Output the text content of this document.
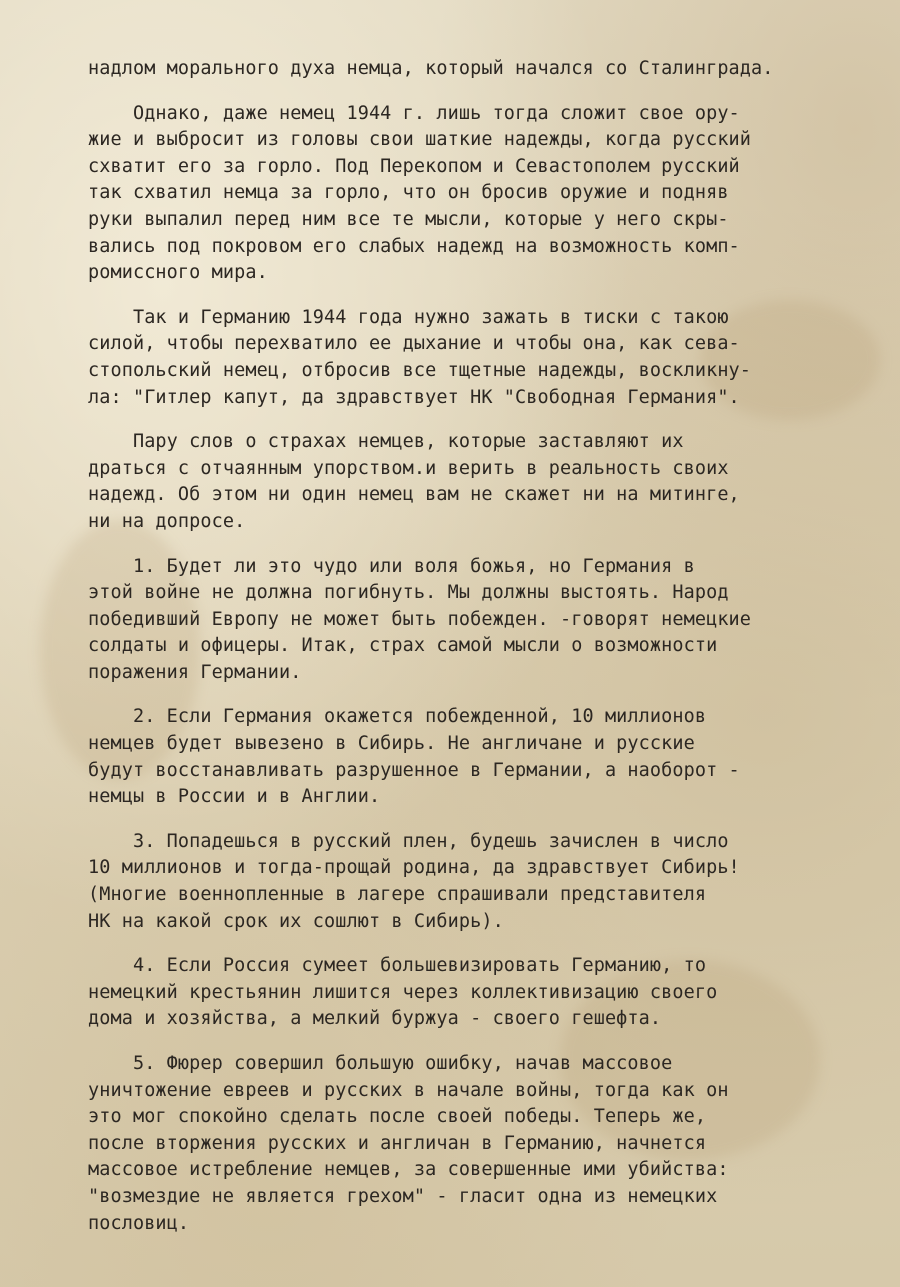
надлом морального духа немца, который начался со Сталинграда.
Однако, даже немец 1944 г. лишь тогда сложит свое ору-
жие и выбросит из головы свои шаткие надежды, когда русский
схватит его за горло. Под Перекопом и Севастополем русский
так схватил немца за горло, что он бросив оружие и подняв
руки выпалил перед ним все те мысли, которые у него скры-
вались под покровом его слабых надежд на возможность комп-
ромиссного мира.
Так и Германию 1944 года нужно зажать в тиски с такою
силой, чтобы перехватило ее дыхание и чтобы она, как сева-
стопольский немец, отбросив все тщетные надежды, воскликну-
ла: "Гитлер капут, да здравствует НК "Свободная Германия".
Пару слов о страхах немцев, которые заставляют их
драться с отчаянным упорством.и верить в реальность своих
надежд. Об этом ни один немец вам не скажет ни на митинге,
ни на допросе.
1. Будет ли это чудо или воля божья, но Германия в
этой войне не должна погибнуть. Мы должны выстоять. Народ
победивший Европу не может быть побежден. -говорят немецкие
солдаты и офицеры. Итак, страх самой мысли о возможности
поражения Германии.
2. Если Германия окажется побежденной, 10 миллионов
немцев будет вывезено в Сибирь. Не англичане и русские
будут восстанавливать разрушенное в Германии, а наоборот -
немцы в России и в Англии.
3. Попадешься в русский плен, будешь зачислен в число
10 миллионов и тогда-прощай родина, да здравствует Сибирь!
(Многие военнопленные в лагере спрашивали представителя
НК на какой срок их сошлют в Сибирь).
4. Если Россия сумеет большевизировать Германию, то
немецкий крестьянин лишится через коллективизацию своего
дома и хозяйства, а мелкий буржуа - своего гешефта.
5. Фюрер совершил большую ошибку, начав массовое
уничтожение евреев и русских в начале войны, тогда как он
это мог спокойно сделать после своей победы. Теперь же,
после вторжения русских и англичан в Германию, начнется
массовое истребление немцев, за совершенные ими убийства:
"возмездие не является грехом" - гласит одна из немецких
пословиц.
